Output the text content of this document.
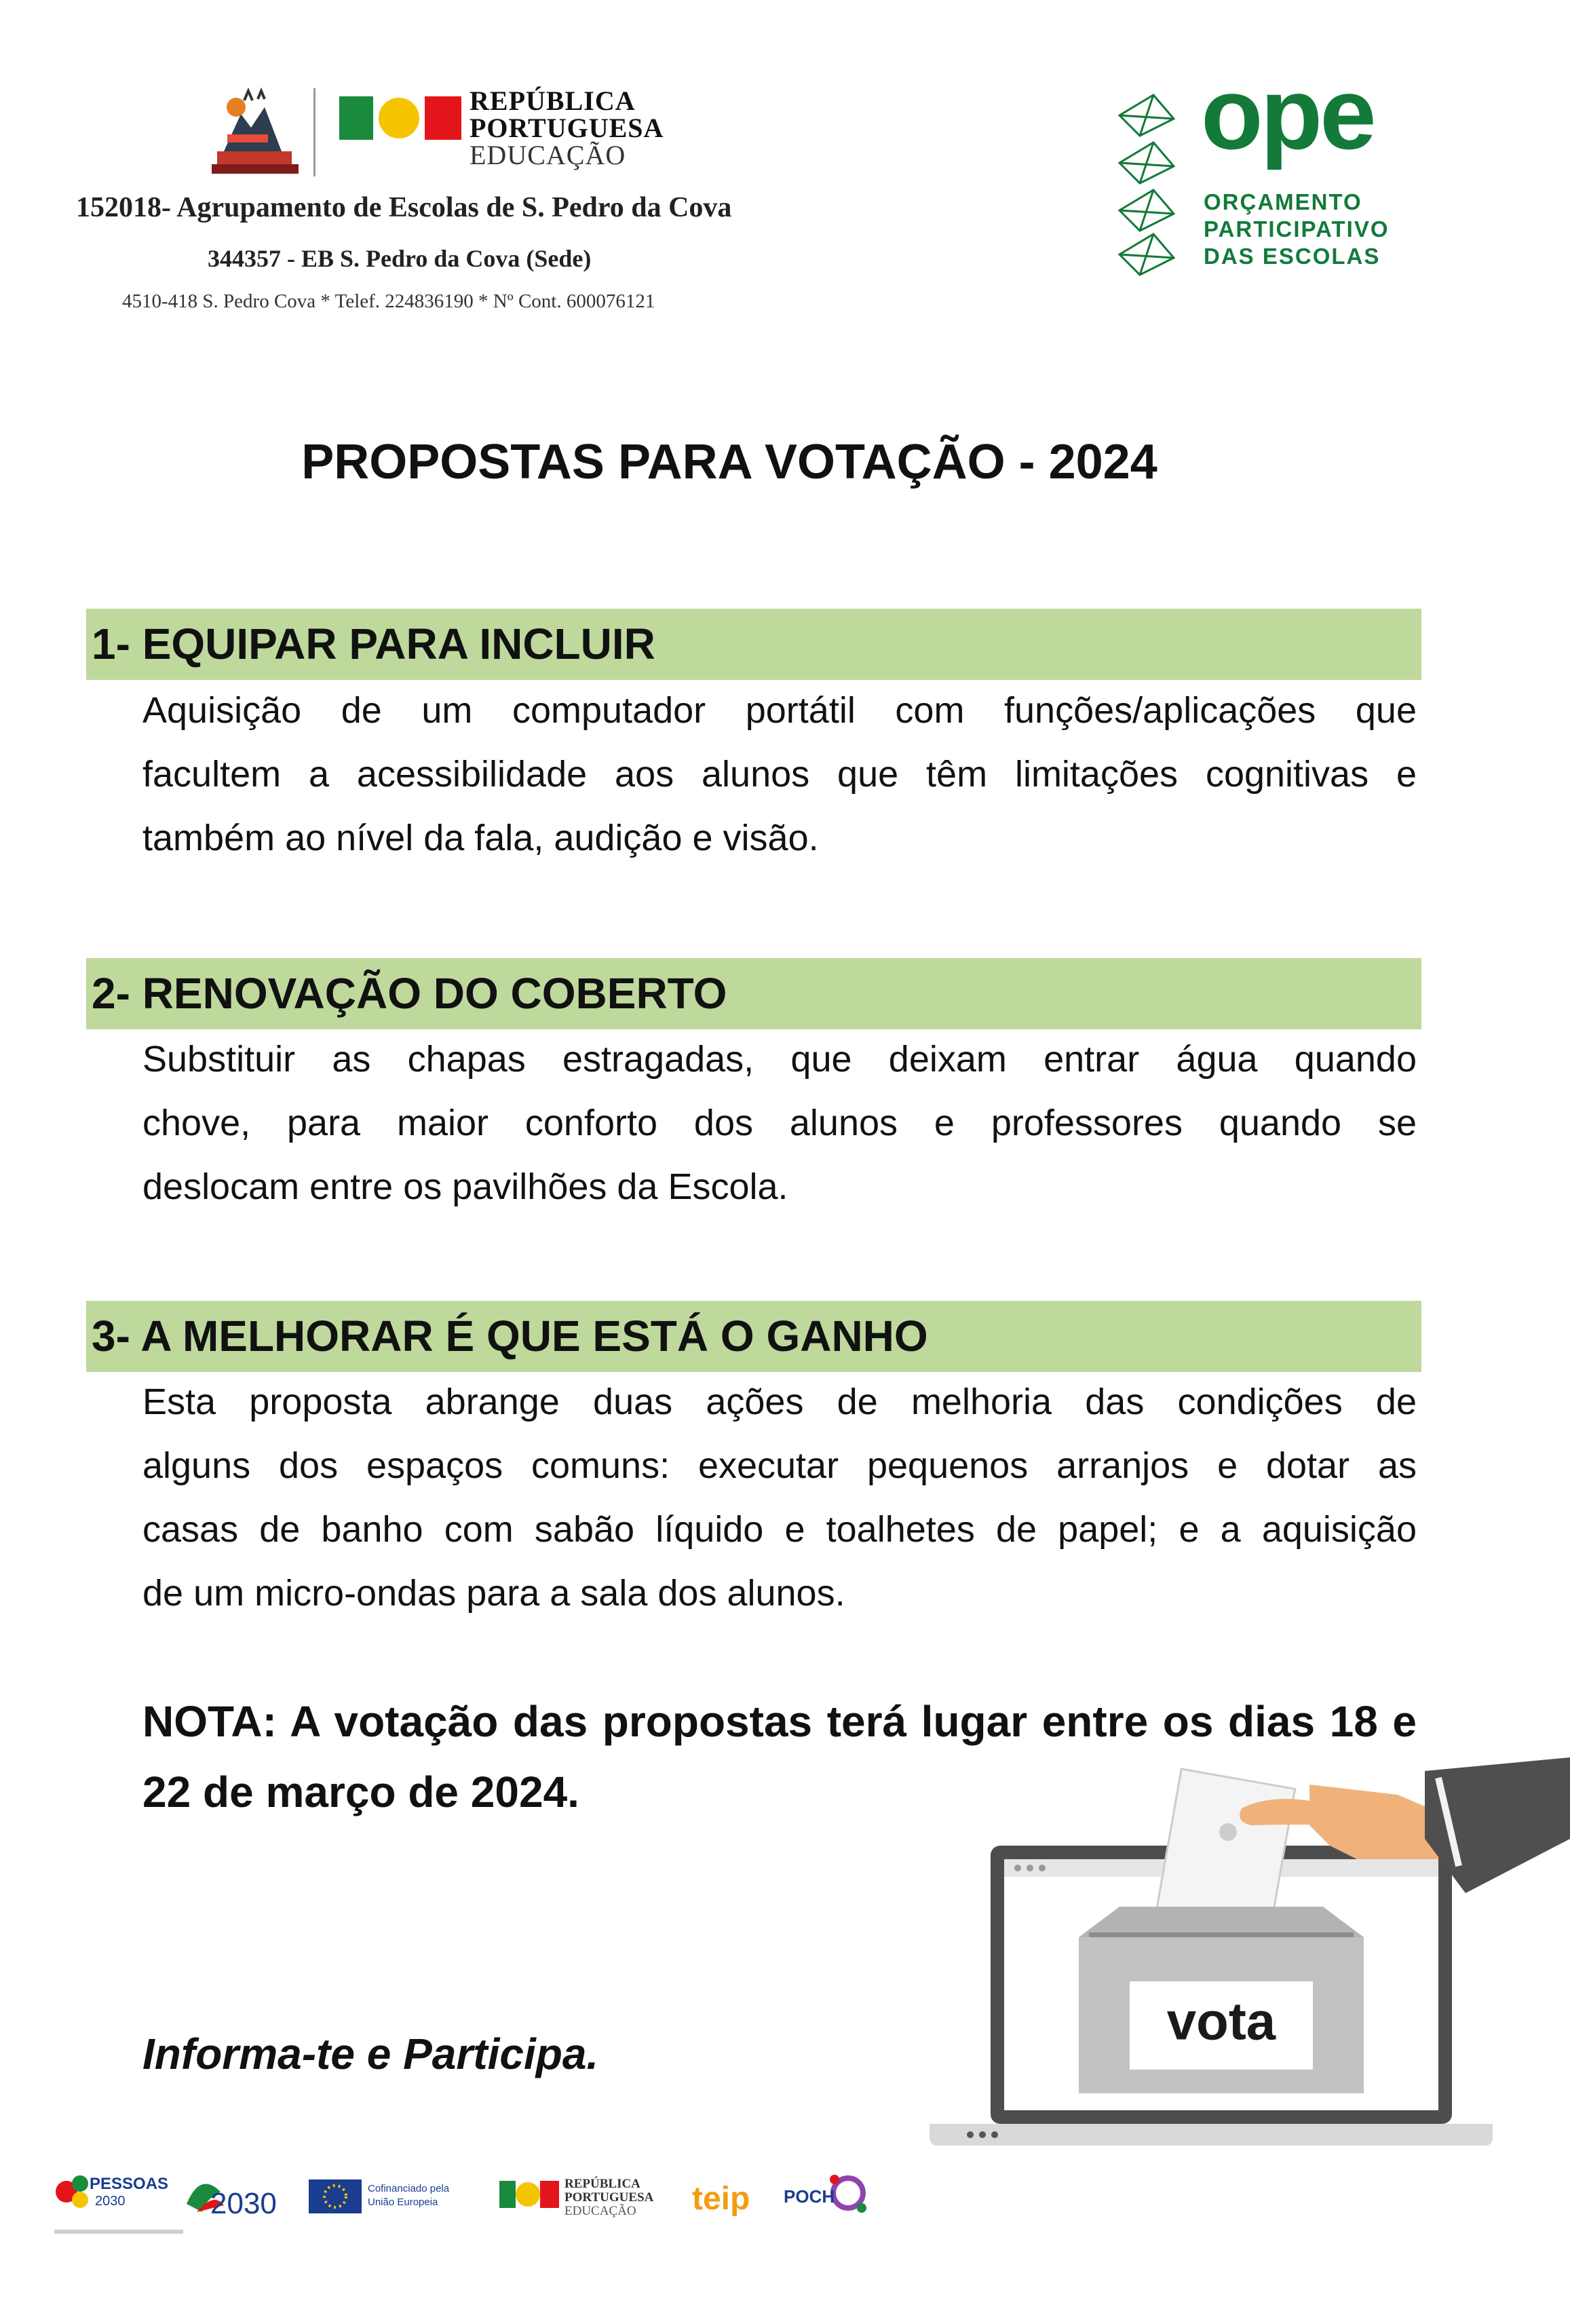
REPÚBLICA
PORTUGUESA
EDUCAÇÃO
152018- Agrupamento de Escolas de S. Pedro da Cova
344357 - EB S. Pedro da Cova (Sede)
4510-418 S. Pedro Cova * Telef. 224836190 * Nº Cont. 600076121
ope
ORÇAMENTO
PARTICIPATIVO
DAS ESCOLAS
PROPOSTAS PARA VOTAÇÃO - 2024
1- EQUIPAR PARA INCLUIR
Aquisição de um computador portátil com funções/aplicações que
facultem a acessibilidade aos alunos que têm limitações cognitivas e
também ao nível da fala, audição e visão.
2- RENOVAÇÃO DO COBERTO
Substituir as chapas estragadas, que deixam entrar água quando
chove, para maior conforto dos alunos e professores quando se
deslocam entre os pavilhões da Escola.
3- A MELHORAR É QUE ESTÁ O GANHO
Esta proposta abrange duas ações de melhoria das condições de
alguns dos espaços comuns: executar pequenos arranjos e dotar as
casas de banho com sabão líquido e toalhetes de papel; e a aquisição
de um micro-ondas para a sala dos alunos.
NOTA: A votação das propostas terá lugar entre os dias 18 e
22 de março de 2024.
Informa-te e Participa.
vota
PESSOAS
2030	2030	Cofinanciado pela
União Europeia
REPÚBLICA
PORTUGUESA
EDUCAÇÃO teip POCH
